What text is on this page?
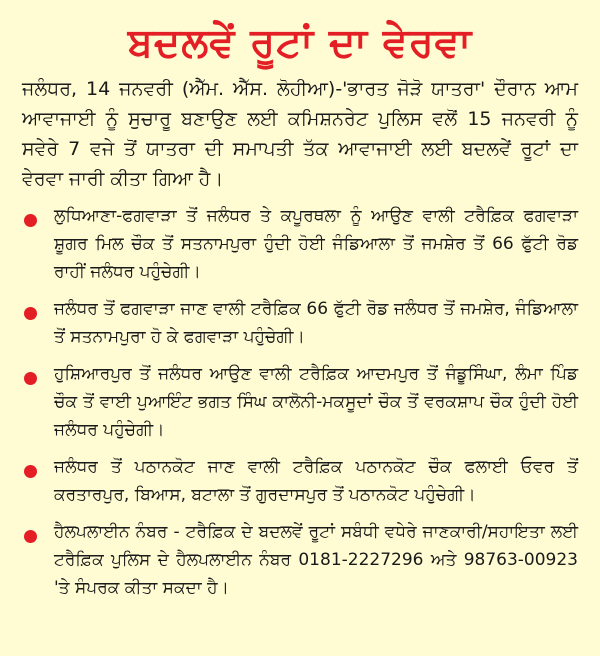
ਬਦਲਵੇਂ ਰੂਟਾਂ ਦਾ ਵੇਰਵਾ

ਜਲੰਧਰ, 14 ਜਨਵਰੀ (ਐੱਮ. ਐੱਸ. ਲੋਹੀਆ)-'ਭਾਰਤ ਜੋੜੋ ਯਾਤਰਾ' ਦੌਰਾਨ ਆਮ ਆਵਾਜਾਈ ਨੂੰ ਸੁਚਾਰੂ ਬਣਾਉਣ ਲਈ ਕਮਿਸ਼ਨਰੇਟ ਪੁਲਿਸ ਵਲੋਂ 15 ਜਨਵਰੀ ਨੂੰ ਸਵੇਰੇ 7 ਵਜੇ ਤੋਂ ਯਾਤਰਾ ਦੀ ਸਮਾਪਤੀ ਤੱਕ ਆਵਾਜਾਈ ਲਈ ਬਦਲਵੇਂ ਰੂਟਾਂ ਦਾ ਵੇਰਵਾ ਜਾਰੀ ਕੀਤਾ ਗਿਆ ਹੈ।

ਲੁਧਿਆਣਾ-ਫਗਵਾੜਾ ਤੋਂ ਜਲੰਧਰ ਤੇ ਕਪੂਰਥਲਾ ਨੂੰ ਆਉਣ ਵਾਲੀ ਟਰੈਫ਼ਿਕ ਫਗਵਾੜਾ ਸ਼ੂਗਰ ਮਿਲ ਚੌਕ ਤੋਂ ਸਤਨਾਮਪੁਰਾ ਹੁੰਦੀ ਹੋਈ ਜੰਡਿਆਲਾ ਤੋਂ ਜਮਸ਼ੇਰ ਤੋਂ 66 ਫੁੱਟੀ ਰੋਡ ਰਾਹੀਂ ਜਲੰਧਰ ਪਹੁੰਚੇਗੀ।
ਜਲੰਧਰ ਤੋਂ ਫਗਵਾੜਾ ਜਾਣ ਵਾਲੀ ਟਰੈਫ਼ਿਕ 66 ਫੁੱਟੀ ਰੋਡ ਜਲੰਧਰ ਤੋਂ ਜਮਸ਼ੇਰ, ਜੰਡਿਆਲਾ ਤੋਂ ਸਤਨਾਮਪੁਰਾ ਹੋ ਕੇ ਫਗਵਾੜਾ ਪਹੁੰਚੇਗੀ।
ਹੁਸ਼ਿਆਰਪੁਰ ਤੋਂ ਜਲੰਧਰ ਆਉਣ ਵਾਲੀ ਟਰੈਫ਼ਿਕ ਆਦਮਪੁਰ ਤੋਂ ਜੰਡੂਸਿੰਘਾ, ਲੰਮਾ ਪਿੰਡ ਚੌਕ ਤੋਂ ਵਾਈ ਪੁਆਇੰਟ ਭਗਤ ਸਿੰਘ ਕਾਲੋਨੀ-ਮਕਸੂਦਾਂ ਚੌਕ ਤੋਂ ਵਰਕਸ਼ਾਪ ਚੌਕ ਹੁੰਦੀ ਹੋਈ ਜਲੰਧਰ ਪਹੁੰਚੇਗੀ।
ਜਲੰਧਰ ਤੋਂ ਪਠਾਨਕੋਟ ਜਾਣ ਵਾਲੀ ਟਰੈਫ਼ਿਕ ਪਠਾਨਕੋਟ ਚੌਕ ਫਲਾਈ ਓਵਰ ਤੋਂ ਕਰਤਾਰਪੁਰ, ਬਿਆਸ, ਬਟਾਲਾ ਤੋਂ ਗੁਰਦਾਸਪੁਰ ਤੋਂ ਪਠਾਨਕੋਟ ਪਹੁੰਚੇਗੀ।
ਹੈਲਪਲਾਈਨ ਨੰਬਰ - ਟਰੈਫ਼ਿਕ ਦੇ ਬਦਲਵੇਂ ਰੂਟਾਂ ਸਬੰਧੀ ਵਧੇਰੇ ਜਾਣਕਾਰੀ/ਸਹਾਇਤਾ ਲਈ ਟਰੈਫ਼ਿਕ ਪੁਲਿਸ ਦੇ ਹੈਲਪਲਾਈਨ ਨੰਬਰ 0181-2227296 ਅਤੇ 98763-00923 'ਤੇ ਸੰਪਰਕ ਕੀਤਾ ਸਕਦਾ ਹੈ।
